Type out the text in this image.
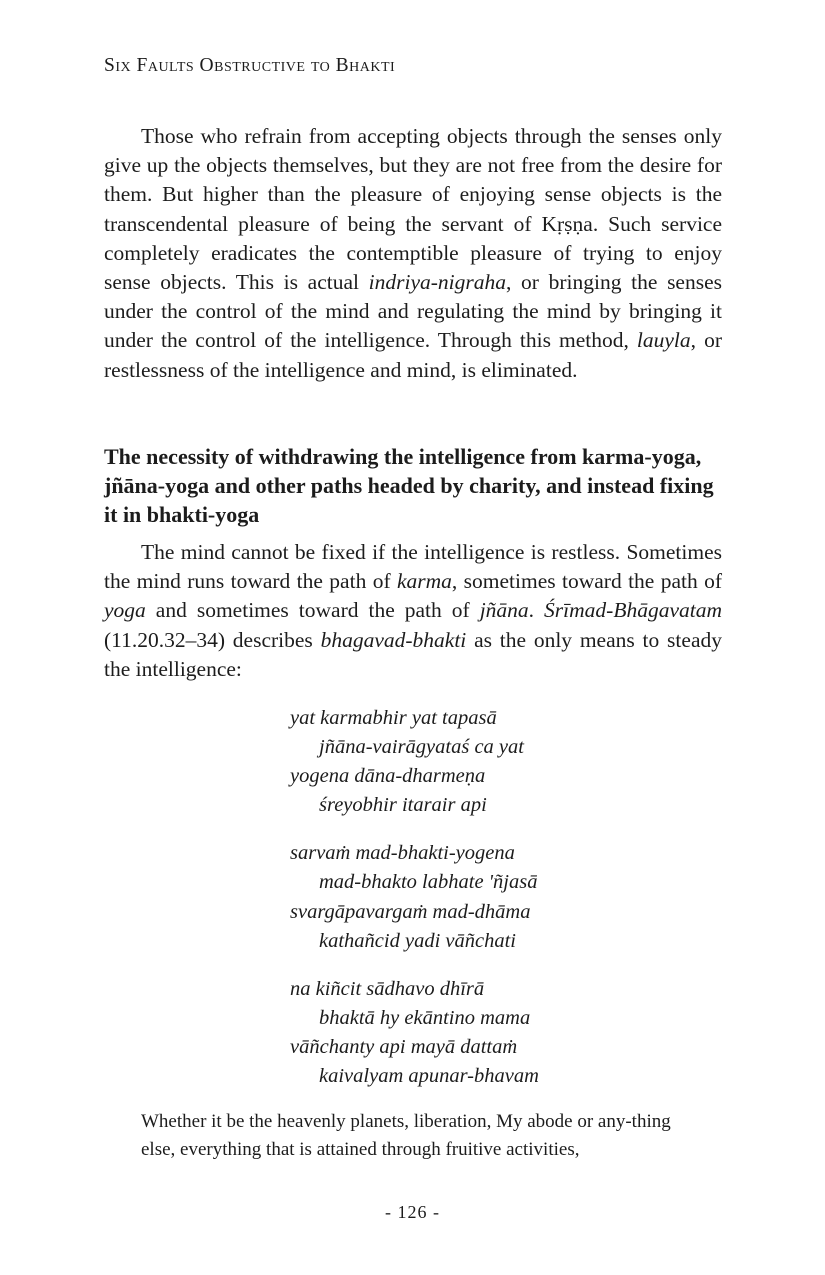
Six Faults Obstructive to Bhakti

Those who refrain from accepting objects through the senses only give up the objects themselves, but they are not free from the desire for them. But higher than the pleasure of enjoying sense objects is the transcendental pleasure of being the servant of Kṛṣṇa. Such service completely eradicates the contemptible pleasure of trying to enjoy sense objects. This is actual indriya-nigraha, or bringing the senses under the control of the mind and regulating the mind by bringing it under the control of the intelligence. Through this method, lauyla, or restlessness of the intelligence and mind, is eliminated.

The necessity of withdrawing the intelligence from karma-yoga, jñāna-yoga and other paths headed by charity, and instead fixing it in bhakti-yoga

The mind cannot be fixed if the intelligence is restless. Sometimes the mind runs toward the path of karma, sometimes toward the path of yoga and sometimes toward the path of jñāna. Śrīmad-Bhāgavatam (11.20.32–34) describes bhagavad-bhakti as the only means to steady the intelligence:

yat karmabhir yat tapasā
jñāna-vairāgyataś ca yat
yogena dāna-dharmeṇa
śreyobhir itarair api
sarvaṁ mad-bhakti-yogena
mad-bhakto labhate 'ñjasā
svargāpavargaṁ mad-dhāma
kathañcid yadi vāñchati
na kiñcit sādhavo dhīrā
bhaktā hy ekāntino mama
vāñchanty api mayā dattaṁ
kaivalyam apunar-bhavam

Whether it be the heavenly planets, liberation, My abode or any-thing else, everything that is attained through fruitive activities,

- 126 -
